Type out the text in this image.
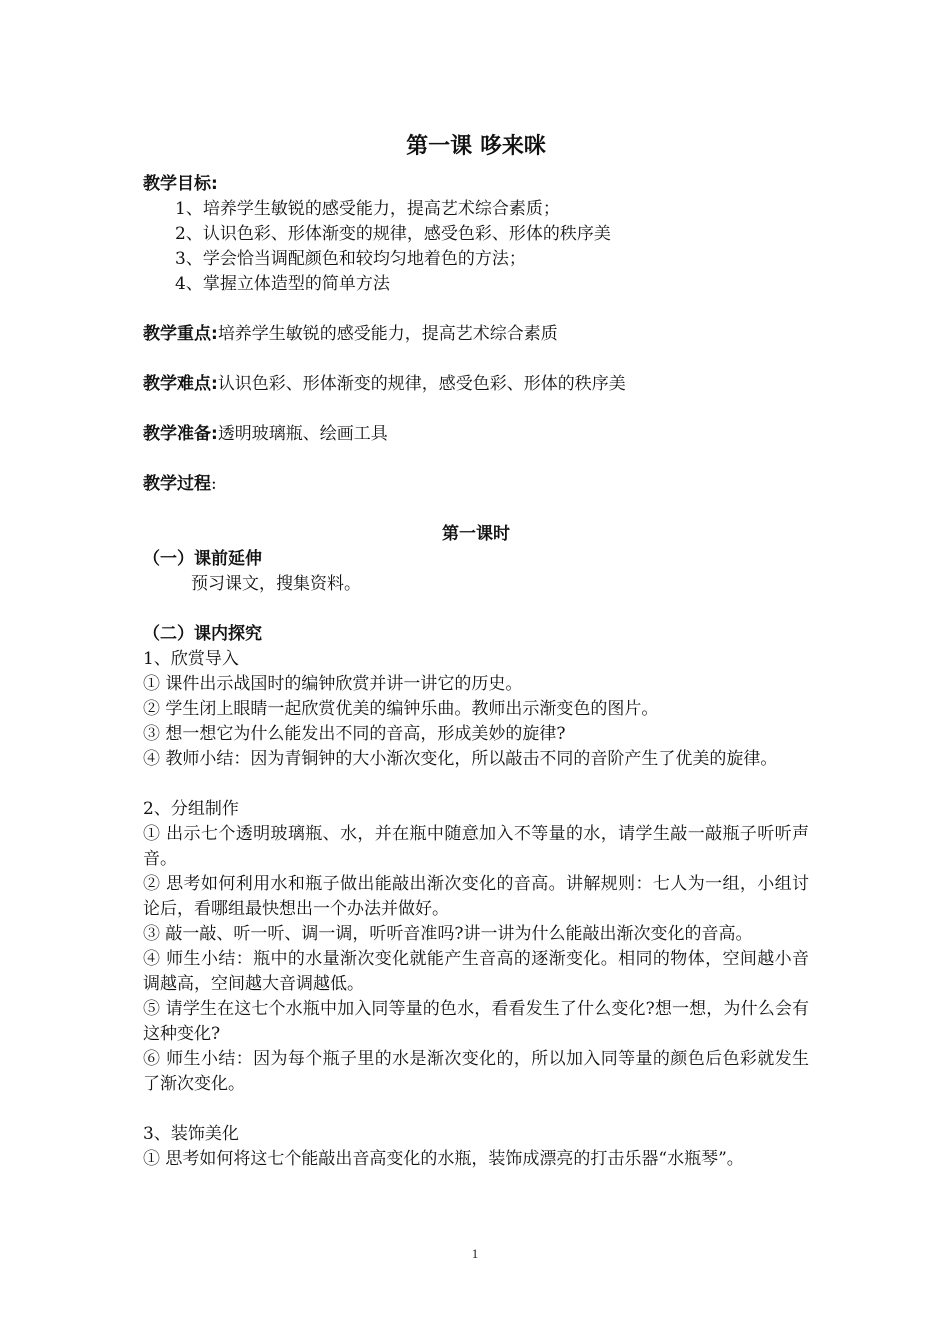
第一课 哆来咪

教学目标:

1、培养学生敏锐的感受能力，提高艺术综合素质；

2、认识色彩、形体渐变的规律，感受色彩、形体的秩序美

3、学会恰当调配颜色和较均匀地着色的方法；

4、掌握立体造型的简单方法

教学重点:培养学生敏锐的感受能力，提高艺术综合素质

教学难点:认识色彩、形体渐变的规律，感受色彩、形体的秩序美

教学准备:透明玻璃瓶、绘画工具

教学过程:

第一课时

（一）课前延伸

预习课文，搜集资料。

（二）课内探究

1、欣赏导入

① 课件出示战国时的编钟欣赏并讲一讲它的历史。

② 学生闭上眼睛一起欣赏优美的编钟乐曲。教师出示渐变色的图片。

③ 想一想它为什么能发出不同的音高，形成美妙的旋律?

④ 教师小结：因为青铜钟的大小渐次变化，所以敲击不同的音阶产生了优美的旋律。

2、分组制作

① 出示七个透明玻璃瓶、水，并在瓶中随意加入不等量的水，请学生敲一敲瓶子听听声音。

② 思考如何利用水和瓶子做出能敲出渐次变化的音高。讲解规则：七人为一组，小组讨论后，看哪组最快想出一个办法并做好。

③ 敲一敲、听一听、调一调，听听音准吗?讲一讲为什么能敲出渐次变化的音高。

④ 师生小结：瓶中的水量渐次变化就能产生音高的逐渐变化。相同的物体，空间越小音调越高，空间越大音调越低。

⑤ 请学生在这七个水瓶中加入同等量的色水，看看发生了什么变化?想一想，为什么会有这种变化?

⑥ 师生小结：因为每个瓶子里的水是渐次变化的，所以加入同等量的颜色后色彩就发生了渐次变化。

3、装饰美化

① 思考如何将这七个能敲出音高变化的水瓶，装饰成漂亮的打击乐器“水瓶琴”。

1
